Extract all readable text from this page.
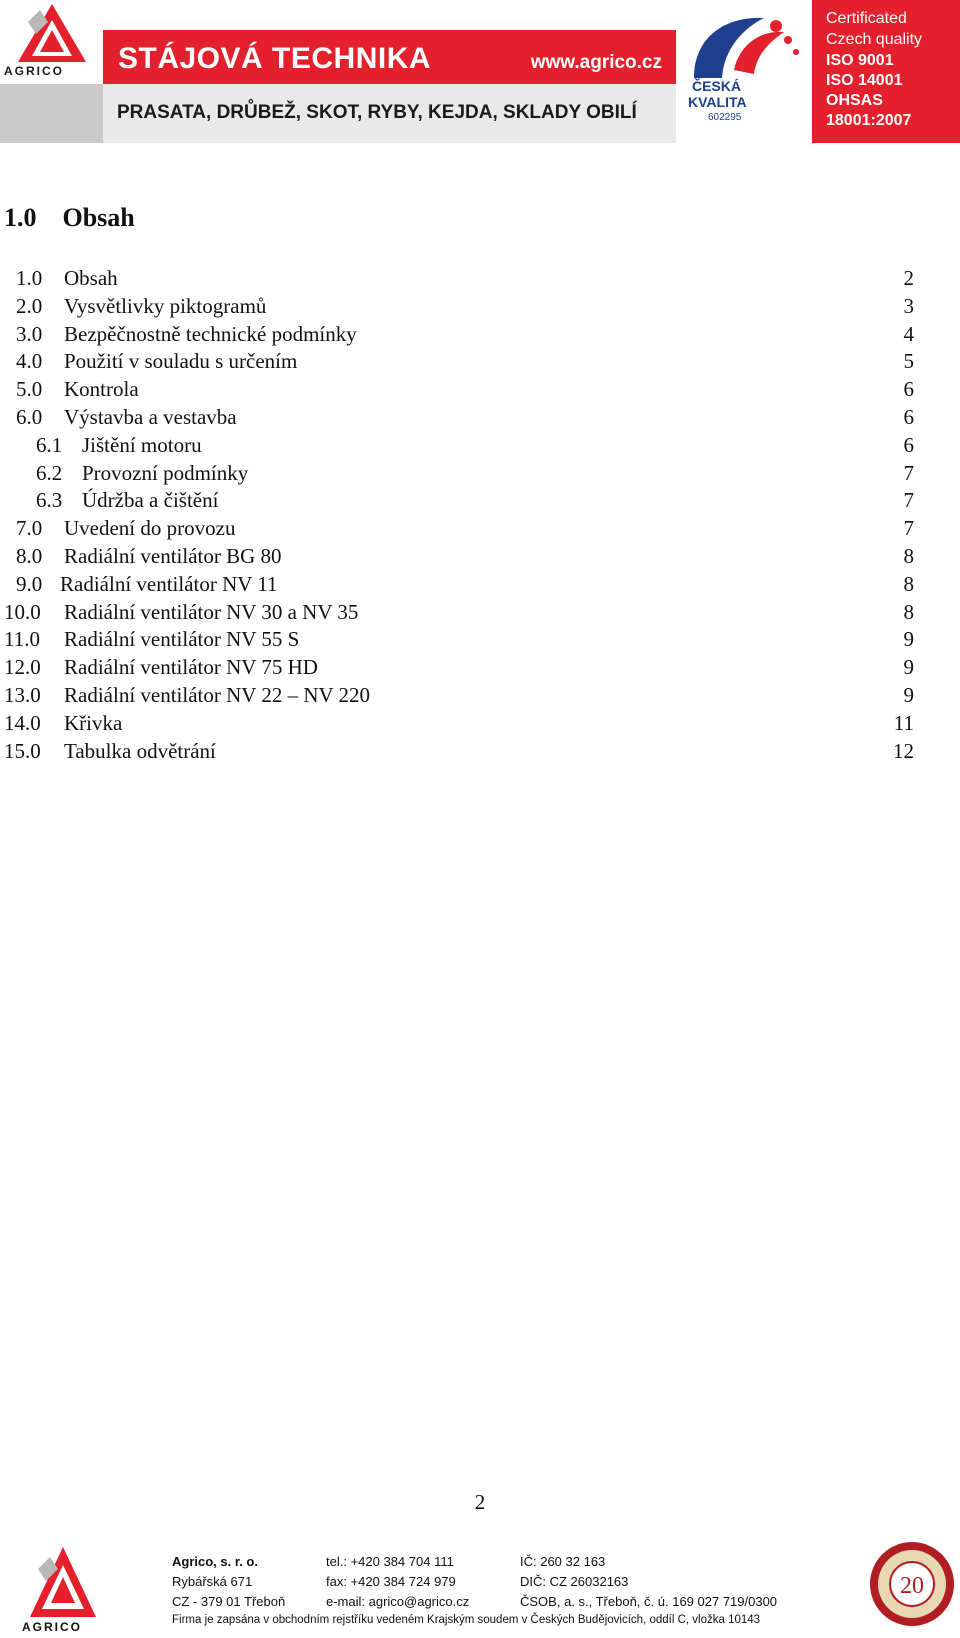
AGRICO STÁJOVÁ TECHNIKA	www.agrico.cz
PRASATA, DRŮBEŽ, SKOT, RYBY, KEJDA, SKLADY OBILÍ
ČESKÁ
KVALITA
602295
Certificated
Czech quality
ISO 9001
ISO 14001
OHSAS
18001:2007
1.0    Obsah
1.0 Obsah	2
2.0 Vysvětlivky piktogramů	3
3.0 Bezpěčnostně technické podmínky	4
4.0 Použití v souladu s určením	5
5.0 Kontrola	6
6.0 Výstavba a vestavba	6
6.1 Jištění motoru	6
6.2 Provozní podmínky	7
6.3 Údržba a čištění	7
7.0 Uvedení do provozu	7
8.0 Radiální ventilátor BG 80	8
9.0 Radiální ventilátor NV 11	8
10.0 Radiální ventilátor NV 30 a NV 35	8
11.0 Radiální ventilátor NV 55 S	9
12.0 Radiální ventilátor NV 75 HD	9
13.0 Radiální ventilátor NV 22 – NV 220	9
14.0 Křivka	11
15.0 Tabulka odvětrání	12
2
AGRICO
Agrico, s. r. o.
Rybářská 671
CZ - 379 01 Třeboň
tel.: +420 384 704 111
fax: +420 384 724 979
e-mail: agrico@agrico.cz
IČ: 260 32 163
DIČ: CZ 26032163
ČSOB, a. s., Třeboň, č. ú. 169 027 719/0300
Firma je zapsána v obchodním rejstříku vedeném Krajským soudem v Českých Budějovicích, oddíl C, vložka 10143
20
